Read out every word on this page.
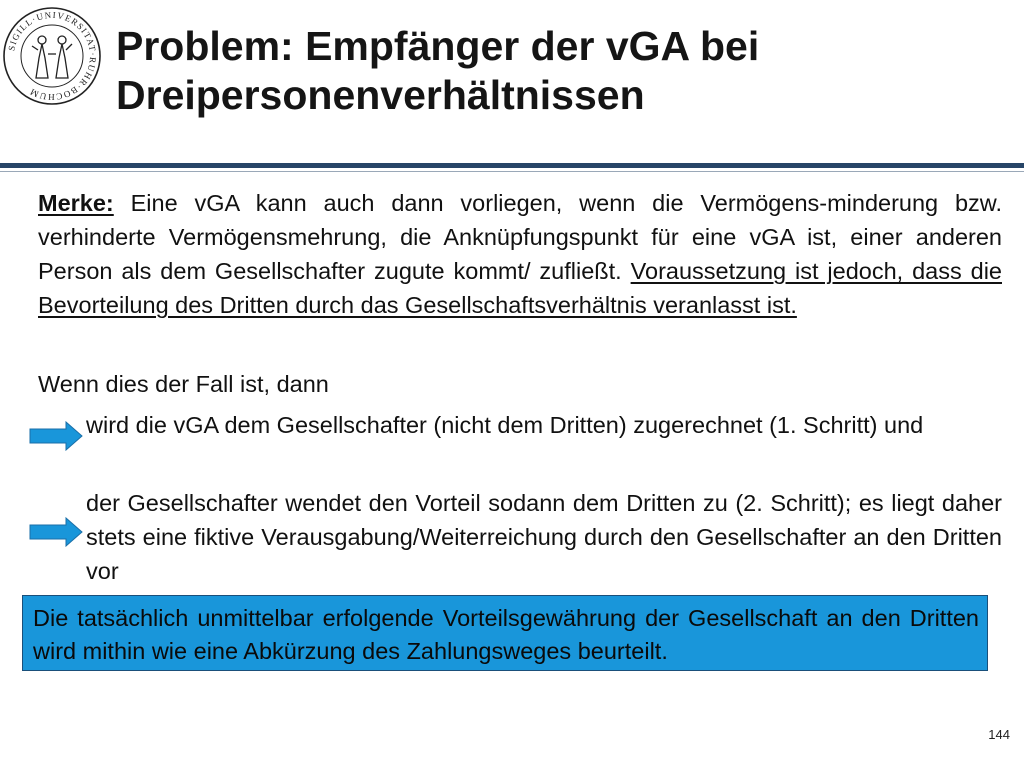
SIGILL·UNIVERSITAT·RUHR·BOCHUM
Problem: Empfänger der vGA bei Dreipersonenverhältnissen

Merke: Eine vGA kann auch dann vorliegen, wenn die Vermögens-minderung bzw. verhinderte Vermögensmehrung, die Anknüpfungspunkt für eine vGA ist, einer anderen Person als dem Gesellschafter zugute kommt/ zufließt. Voraussetzung ist jedoch, dass die Bevorteilung des Dritten durch das Gesellschaftsverhältnis veranlasst ist.

Wenn dies der Fall ist, dann

wird die vGA dem Gesellschafter (nicht dem Dritten) zugerechnet (1. Schritt) und

der Gesellschafter wendet den Vorteil sodann dem Dritten zu (2. Schritt); es liegt daher stets eine fiktive Verausgabung/Weiterreichung durch den Gesellschafter an den Dritten vor

Die tatsächlich unmittelbar erfolgende Vorteilsgewährung der Gesellschaft an den Dritten wird mithin wie eine Abkürzung des Zahlungsweges beurteilt.
144
